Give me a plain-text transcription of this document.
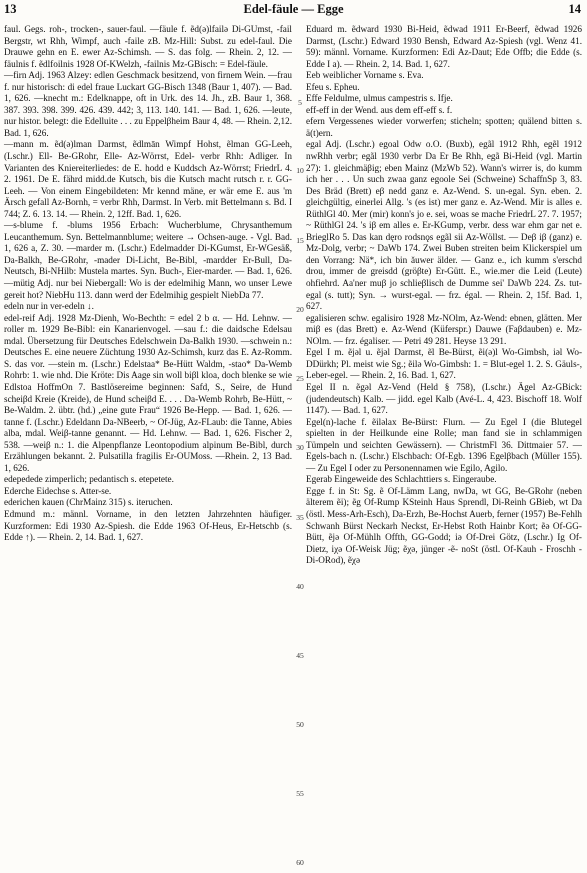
13	Edel-fäule — Egge	14

faul. Gegs. roh-, trocken-, sauer-faul. —fäule f. ẽd(ǝ)lfailǝ Di-GUmst, -fail Bergstr, wt Rhh, Wimpf, auch -faile zB. Mz-Hill: Subst. zu edel-faul. Die Drauwe gehn en E. ewer Az-Schimsh. — S. das folg. — Rhein. 2, 12. —fäulnis f. ẽdlfoilnis 1928 Of-KWelzh, -failnis Mz-GBisch: = Edel-fäule.

—firn Adj. 1963 Alzey: edlen Geschmack besitzend, von firnem Wein. —frau f. nur historisch: di edel fraue Luckart GG-Bisch 1348 (Baur 1, 407). — Bad. 1, 626. —knecht m.: Edelknappe, oft in Urk. des 14. Jh., zB. Baur 1, 368. 387. 393. 398. 399. 426. 439. 442; 3, 113. 140. 141. — Bad. 1, 626. —leute, nur histor. belegt: die Edelluite . . . zu Eppelβheim Baur 4, 48. — Rhein. 2,12. Bad. 1, 626.

—mann m. ẽd(ǝ)lman Darmst, ẽdlmān Wimpf Hohst, ẽlman GG-Leeh, (Lschr.) Ell- Be-GRohr, Elle- Az-Wörrst, Edel- verbr Rhh: Adliger. In Varianten des Kniereiterliedes: de E. hodd e Kuddsch Az-Wörrst; FriedrL 4. 2. 1961. De E. fährd midd.de Kutsch, bis die Kutsch macht rutsch r. r. GG-Leeh. — Von einem Eingebildeten: Mr kennd mäne, er wär eme E. aus 'm Ärsch gefall Az-Bornh, = verbr Rhh, Darmst. In Verb. mit Bettelmann s. Bd. I 744; Z. 6. 13. 14. — Rhein. 2, 12ff. Bad. 1, 626.

—s-blume f. -blums 1956 Erbach: Wucherblume, Chrysanthemum Leucanthemum. Syn. Bettelmannblume; weitere → Ochsen-auge. - Vgl. Bad. 1, 626 a, Z. 30. —marder m. (Lschr.) Edelmadder Di-KGumst, Er-WGesäß, Da-Balkh, Be-GRohr, -mader Di-Licht, Be-Bibl, -mardder Er-Bull, Da-Neutsch, Bi-NHilb: Mustela martes. Syn. Buch-, Eier-marder. — Bad. 1, 626. —mütig Adj. nur bei Niebergall: Wo is der edelmihig Mann, wo unser Lewe gereit hot? NiebHu 113. dann werd der Edelmihig gespielt NiebDa 77.

edeln nur in ver-edeln ↓.

edel-reif Adj. 1928 Mz-Dienh, Wo-Bechth: = edel 2 b α. — Hd. Lehnw. —roller m. 1929 Be-Bibl: ein Kanarienvogel. —sau f.: die daidsche Edelsau mdal. Übersetzung für Deutsches Edelschwein Da-Balkh 1930. —schwein n.: Deutsches E. eine neuere Züchtung 1930 Az-Schimsh, kurz das E. Az-Romm. S. das vor. —stein m. (Lschr.) Edelstaa* Be-Hütt Waldm, -stao* Da-Wemb Rohrb: 1. wie nhd. Die Kröte: Dis Aage sin woll biβl kloa, doch blenke se wie Edlstoa HoffmOn 7. Bastlösereime beginnen: Safd, S., Seire, de Hund scheiβd Kreie (Kreide), de Hund scheiβd E. . . . Da-Wemb Rohrb, Be-Hütt, ~ Be-Waldm. 2. übtr. (hd.) „eine gute Frau“ 1926 Be-Hepp. — Bad. 1, 626. —tanne f. (Lschr.) Edeldann Da-NBeerb, ~ Of-Jüg, Az-FLaub: die Tanne, Abies alba, mdal. Weiβ-tanne genannt. — Hd. Lehnw. — Bad. 1, 626. Fischer 2, 538. —weiβ n.: 1. die Alpenpflanze Leontopodium alpinum Be-Bibl, durch Erzählungen bekannt. 2. Pulsatilla fragilis Er-OUMoss. —Rhein. 2, 13 Bad. 1, 626.

edepedede zimperlich; pedantisch s. etepetete.

Ederche Eidechse s. Atter-se.

ederichen kauen (ChrMainz 315) s. iteruchen.

Edmund m.: männl. Vorname, in den letzten Jahrzehnten häufiger. Kurzformen: Edi 1930 Az-Spiesh. die Edde 1963 Of-Heus, Er-Hetschb (s. Edde ↑). — Rhein. 2, 14. Bad. 1, 627.

Eduard m. ẽdward 1930 Bi-Heid, ẽdwad 1911 Er-Beerf, ẽdwad 1926 Darmst, (Lschr.) Edward 1930 Bensh, Edward Az-Spiesh (vgl. Wenz 41. 59): männl. Vorname. Kurzformen: Edi Az-Daut; Ede Offb; die Edde (s. Edde I a). — Rhein. 2, 14. Bad. 1, 627.

Eeb weiblicher Vorname s. Eva.

Efeu s. Epheu.

Effe Feldulme, ulmus campestris s. Ifje.

eff-eff in der Wend. aus dem eff-eff s. f.

efern Vergessenes wieder vorwerfen; sticheln; spotten; quälend bitten s. ä(t)ern.

egal Adj. (Lschr.) egoal Odw o.O. (Buxb), egãl 1912 Rhh, egẽl 1912 nwRhh verbr; egãl 1930 verbr Da Er Be Rhh, egã Bi-Heid (vgl. Martin 27): 1. gleichmäβig; eben Mainz (MzWb 52). Wann's wirrer is, do kumm ich her . . . Un such zwaa ganz egoole Sei (Schweine) SchaffnSp 3, 83. Des Bräd (Brett) eβ nedd ganz e. Az-Wend. S. un-egal. Syn. eben. 2. gleichgültig, einerlei Allg. 's (es ist) mer ganz e. Az-Wend. Mir is alles e. RüthlGl 40. Mer (mir) konn's jo e. sei, woas se mache FriedrL 27. 7. 1957; ~ RüthlGl 24. 's iβ em alles e. Er-KGump, verbr. dess war ehm gar net e. BrieglRo 5. Das kan dęro rodsnǫs egãl sii Az-Wöllst. — Deβ iβ (ganz) e. Mz-Dolg, verbr; ~ DaWb 174. Zwei Buben streiten beim Klickerspiel um den Vorrang: Nä*, ich bin ăuwer älder. — Ganz e., ich kumm s'erschd drou, immer de greisdd (gröβte) Er-Gütt. E., wie.mer die Leid (Leute) ohfiehrd. Aa'ner muβ jo schlieβlisch de Dumme sei' DaWb 224. Zs. tut-egal (s. tutt); Syn. → wurst-egal. — frz. égal. — Rhein. 2, 15f. Bad. 1, 627.

egalisieren schw. egalisiro 1928 Mz-NOlm, Az-Wend: ebnen, glätten. Mer miβ es (das Brett) e. Az-Wend (Küferspr.) Dauwe (Faβdauben) e. Mz-NOlm. — frz. égaliser. — Petri 49 281. Heyse 13 291.

Egel I m. ẽjǝl u. ẽjǝl Darmst, ẽl Be-Bürst, ẽi(ǝ)l Wo-Gimbsh, iǝl Wo-DDürkh; Pl. meist wie Sg.; ẽilǝ Wo-Gimbsh: 1. = Blut-egel 1. 2. S. Gäuls-, Leber-egel. — Rhein. 2, 16. Bad. 1, 627.

Egel II n. ẽgǝl Az-Vend (Held § 758), (Lschr.) Ägel Az-GBick: (judendeutsch) Kalb. — jidd. egel Kalb (Avé-L. 4, 423. Bischoff 18. Wolf 1147). — Bad. 1, 627.

Egel(n)-lache f. ẽilǝlax Be-Bürst: Flurn. — Zu Egel I (die Blutegel spielten in der Heilkunde eine Rolle; man fand sie in schlammigen Tümpeln und seichten Gewässern). — ChristmFl 36. Dittmaier 57. —Egels-bach n. (Lschr.) Elschbach: Of-Egb. 1396 Egelβbach (Müller 155). — Zu Egel I oder zu Personennamen wie Egilo, Agilo.

Egerab Eingeweide des Schlachttiers s. Eingeraube.

Egge f. in St: Sg. ẽ Of-Lämm Lang, nwDa, wt GG, Be-GRohr (neben älterem ẽi); ẽg Of-Rump KSteinh Haus Sprendl, Di-Reinh GBieb, wt Da (östl. Mess-Arh-Esch), Da-Erzh, Be-Hochst Auerb, ferner (1957) Be-Fehlh Schwanh Bürst Neckarh Neckst, Er-Hebst Roth Hainbr Kort; ẽǝ Of-GG-Bütt, ẽjǝ Of-Mühlh Offth, GG-Godd; iǝ Of-Drei Götz, (Lschr.) Ig Of-Dietz, iχǝ Of-Weisk Jüg; ẽχǝ, jünger -ẽ- noSt (östl. Of-Kauh - Froschh - Di-ORod), ẽχǝ

5
10
15
20
25
30
35
40
45
50
55
60
